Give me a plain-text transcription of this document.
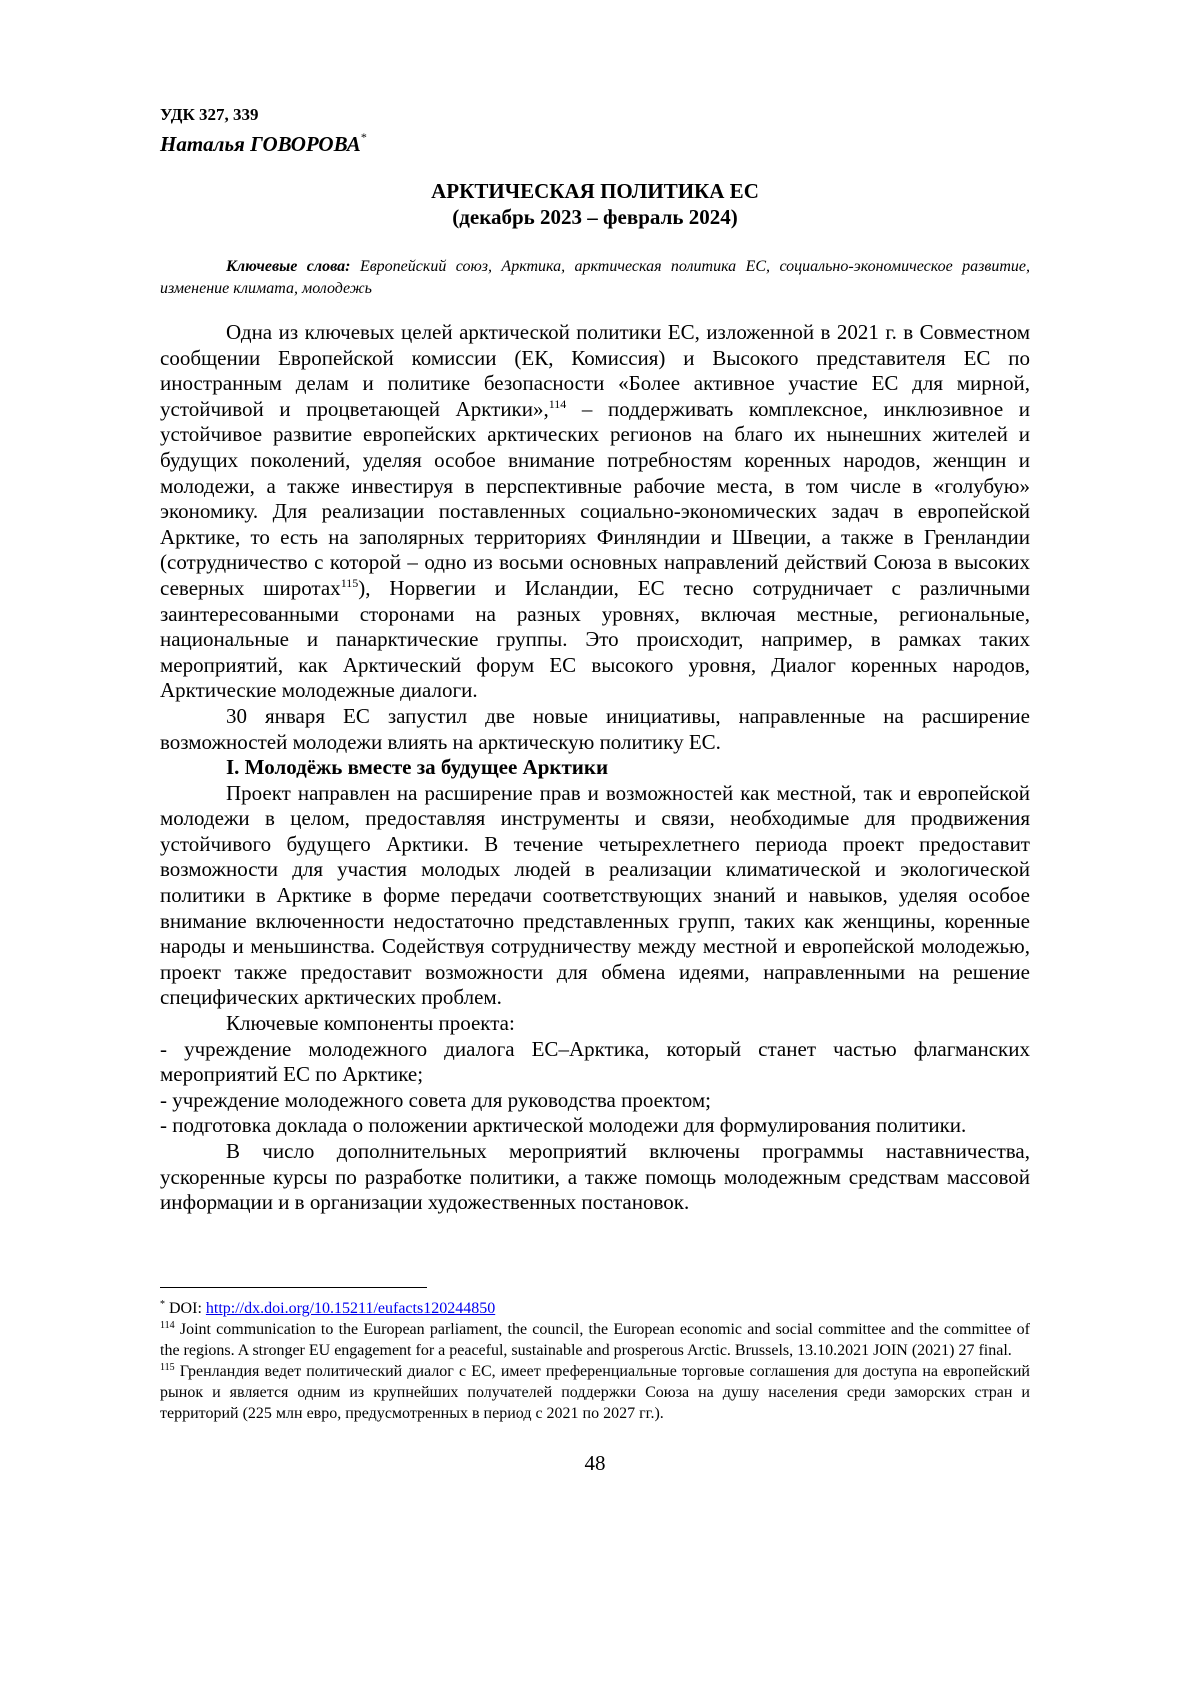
УДК 327, 339
Наталья ГОВОРОВА*
АРКТИЧЕСКАЯ ПОЛИТИКА ЕС
(декабрь 2023 – февраль 2024)
Ключевые слова: Европейский союз, Арктика, арктическая политика ЕС, социально-экономическое развитие, изменение климата, молодежь

Одна из ключевых целей арктической политики ЕС, изложенной в 2021 г. в Совместном сообщении Европейской комиссии (ЕК, Комиссия) и Высокого представителя ЕС по иностранным делам и политике безопасности «Более активное участие ЕС для мирной, устойчивой и процветающей Арктики»,$^{114}$ – поддерживать комплексное, инклюзивное и устойчивое развитие европейских арктических регионов на благо их нынешних жителей и будущих поколений, уделяя особое внимание потребностям коренных народов, женщин и молодежи, а также инвестируя в перспективные рабочие места, в том числе в «голубую» экономику. Для реализации поставленных социально-экономических задач в европейской Арктике, то есть на заполярных территориях Финляндии и Швеции, а также в Гренландии (сотрудничество с которой – одно из восьми основных направлений действий Союза в высоких северных широтах$^{115}$), Норвегии и Исландии, ЕС тесно сотрудничает с различными заинтересованными сторонами на разных уровнях, включая местные, региональные, национальные и панарктические группы. Это происходит, например, в рамках таких мероприятий, как Арктический форум ЕС высокого уровня, Диалог коренных народов, Арктические молодежные диалоги.

30 января ЕС запустил две новые инициативы, направленные на расширение возможностей молодежи влиять на арктическую политику ЕС.

I. Молодёжь вместе за будущее Арктики

Проект направлен на расширение прав и возможностей как местной, так и европейской молодежи в целом, предоставляя инструменты и связи, необходимые для продвижения устойчивого будущего Арктики. В течение четырехлетнего периода проект предоставит возможности для участия молодых людей в реализации климатической и экологической политики в Арктике в форме передачи соответствующих знаний и навыков, уделяя особое внимание включенности недостаточно представленных групп, таких как женщины, коренные народы и меньшинства. Содействуя сотрудничеству между местной и европейской молодежью, проект также предоставит возможности для обмена идеями, направленными на решение специфических арктических проблем.

Ключевые компоненты проекта:

- учреждение молодежного диалога ЕС–Арктика, который станет частью флагманских мероприятий ЕС по Арктике;

- учреждение молодежного совета для руководства проектом;

- подготовка доклада о положении арктической молодежи для формулирования политики.

В число дополнительных мероприятий включены программы наставничества, ускоренные курсы по разработке политики, а также помощь молодежным средствам массовой информации и в организации художественных постановок.

* DOI: http://dx.doi.org/10.15211/eufacts120244850

$^{114}$ Joint communication to the European parliament, the council, the European economic and social committee and the committee of the regions. A stronger EU engagement for a peaceful, sustainable and prosperous Arctic. Brussels, 13.10.2021 JOIN (2021) 27 final.

$^{115}$ Гренландия ведет политический диалог с ЕС, имеет преференциальные торговые соглашения для доступа на европейский рынок и является одним из крупнейших получателей поддержки Союза на душу населения среди заморских стран и территорий (225 млн евро, предусмотренных в период с 2021 по 2027 гг.).

48
